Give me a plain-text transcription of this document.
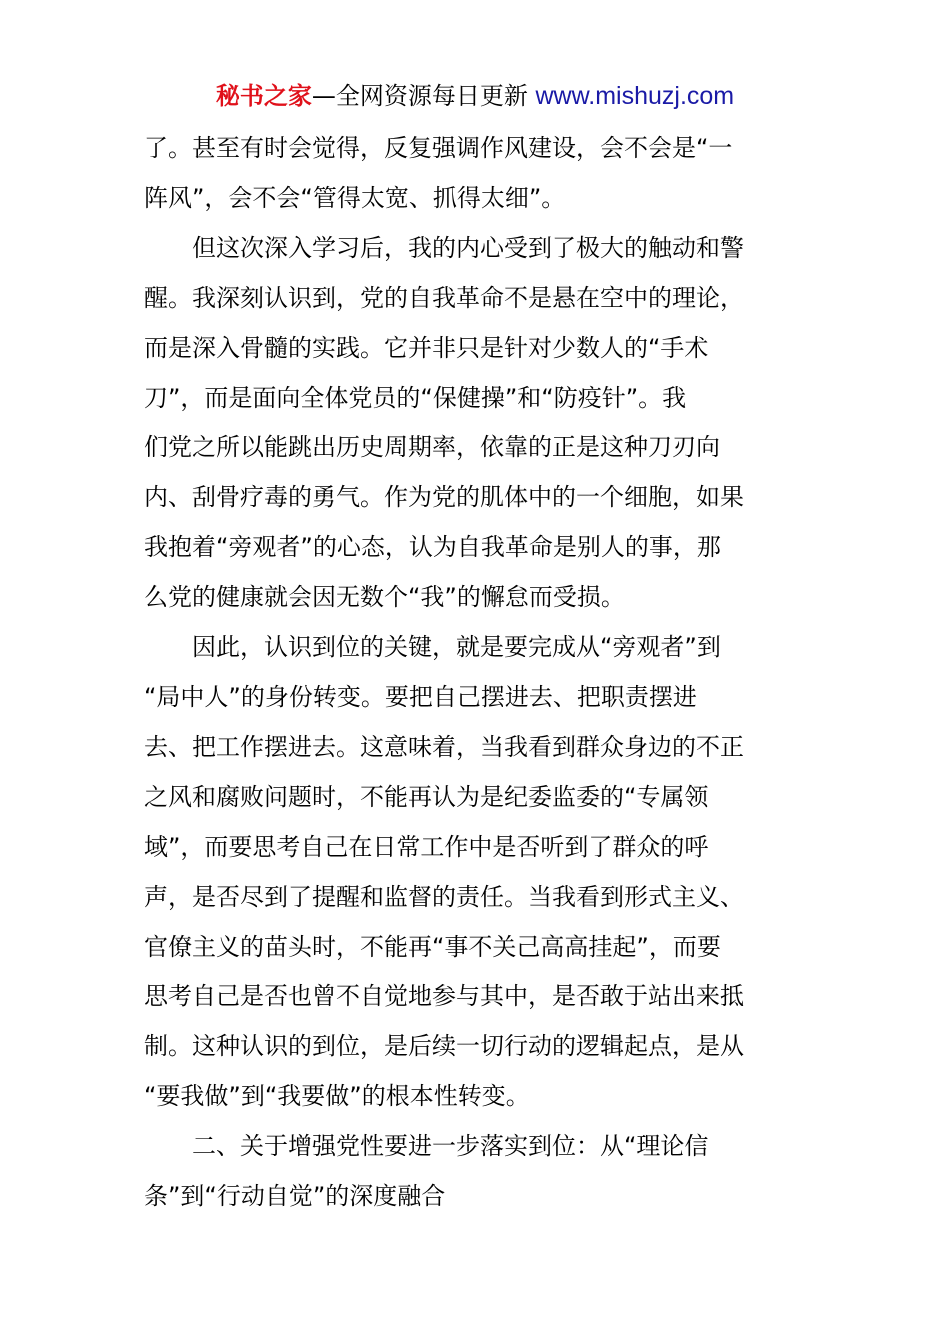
秘书之家—全网资源每日更新 www.mishuzj.com

了。甚至有时会觉得，反复强调作风建设，会不会是“一
阵风”，会不会“管得太宽、抓得太细”。

　　但这次深入学习后，我的内心受到了极大的触动和警
醒。我深刻认识到，党的自我革命不是悬在空中的理论，
而是深入骨髓的实践。它并非只是针对少数人的“手术
刀”，而是面向全体党员的“保健操”和“防疫针”。我
们党之所以能跳出历史周期率，依靠的正是这种刀刃向
内、刮骨疗毒的勇气。作为党的肌体中的一个细胞，如果
我抱着“旁观者”的心态，认为自我革命是别人的事，那
么党的健康就会因无数个“我”的懈怠而受损。

　　因此，认识到位的关键，就是要完成从“旁观者”到
“局中人”的身份转变。要把自己摆进去、把职责摆进
去、把工作摆进去。这意味着，当我看到群众身边的不正
之风和腐败问题时，不能再认为是纪委监委的“专属领
域”，而要思考自己在日常工作中是否听到了群众的呼
声，是否尽到了提醒和监督的责任。当我看到形式主义、
官僚主义的苗头时，不能再“事不关己高高挂起”，而要
思考自己是否也曾不自觉地参与其中，是否敢于站出来抵
制。这种认识的到位，是后续一切行动的逻辑起点，是从
“要我做”到“我要做”的根本性转变。

　　二、关于增强党性要进一步落实到位：从“理论信
条”到“行动自觉”的深度融合
